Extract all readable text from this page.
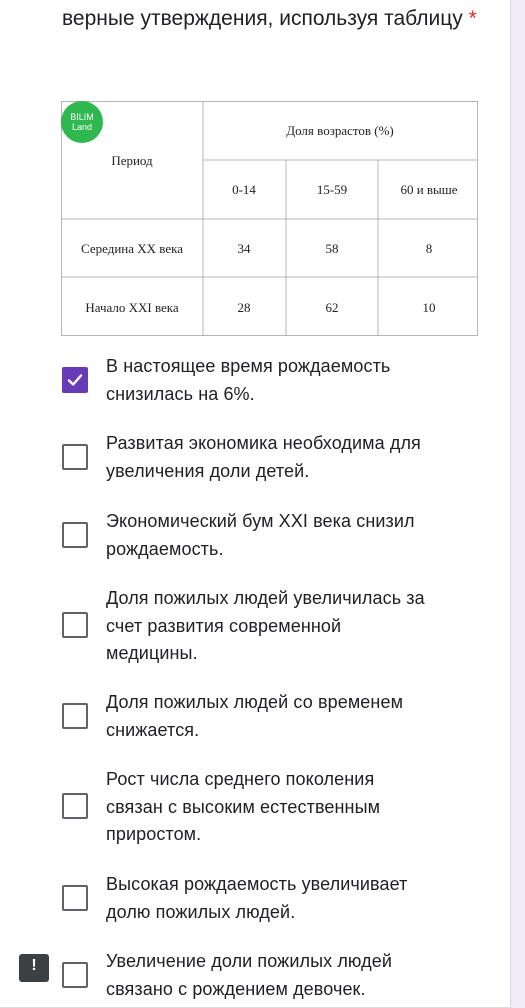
верные утверждения, используя таблицу *
BILIM
Land
Период
Доля возрастов (%)
0-14	15-59	60 и выше
Середина XX века	34	58	8
Начало XXI века	28	62	10
В настоящее время рождаемость
снизилась на 6%.
Развитая экономика необходима для
увеличения доли детей.
Экономический бум XXI века снизил
рождаемость.
Доля пожилых людей увеличилась за
счет развития современной
медицины.
Доля пожилых людей со временем
снижается.
Рост числа среднего поколения
связан с высоким естественным
приростом.
Высокая рождаемость увеличивает
долю пожилых людей.
Увеличение доли пожилых людей
связано с рождением девочек.
!
